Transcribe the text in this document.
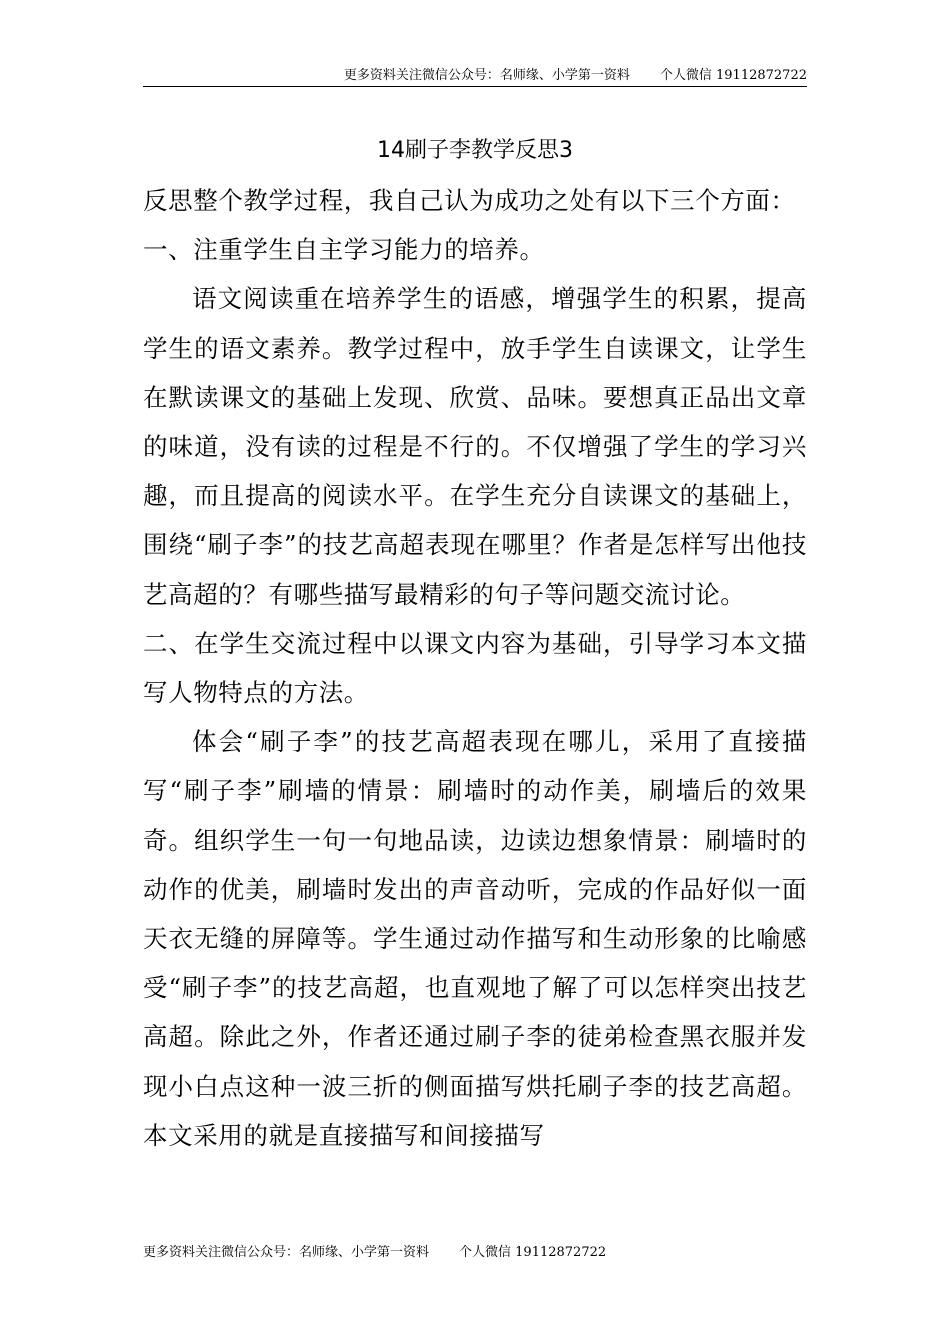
更多资料关注微信公众号：名师缘、小学第一资料 个人微信 19112872722
14刷子李教学反思3

反思整个教学过程，我自己认为成功之处有以下三个方面：

一、注重学生自主学习能力的培养。

语文阅读重在培养学生的语感，增强学生的积累，提高学生的语文素养。教学过程中，放手学生自读课文，让学生在默读课文的基础上发现、欣赏、品味。要想真正品出文章的味道，没有读的过程是不行的。不仅增强了学生的学习兴趣，而且提高的阅读水平。在学生充分自读课文的基础上，围绕“刷子李”的技艺高超表现在哪里？作者是怎样写出他技艺高超的？有哪些描写最精彩的句子等问题交流讨论。

二、在学生交流过程中以课文内容为基础，引导学习本文描写人物特点的方法。

体会“刷子李”的技艺高超表现在哪儿，采用了直接描写“刷子李”刷墙的情景：刷墙时的动作美，刷墙后的效果奇。组织学生一句一句地品读，边读边想象情景：刷墙时的动作的优美，刷墙时发出的声音动听，完成的作品好似一面天衣无缝的屏障等。学生通过动作描写和生动形象的比喻感受“刷子李”的技艺高超，也直观地了解了可以怎样突出技艺高超。除此之外，作者还通过刷子李的徒弟检查黑衣服并发现小白点这种一波三折的侧面描写烘托刷子李的技艺高超。本文采用的就是直接描写和间接描写

更多资料关注微信公众号：名师缘、小学第一资料 个人微信 19112872722
